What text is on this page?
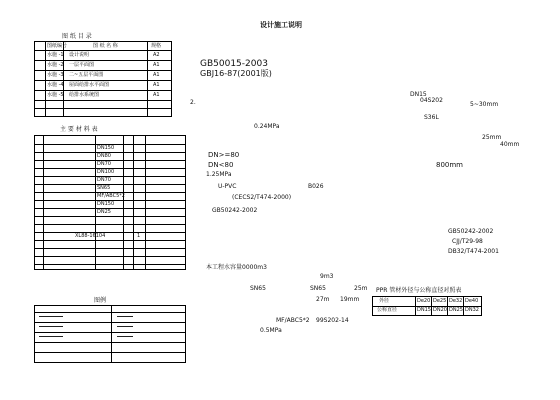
图 纸 目 录
图纸编号	图 纸 名 称	规格
水施 -1 设计说明	A2
水施 -2 一层平面图	A1
水施 -3 二~五层平面图	A1
水施 -4 屋面给排水平面图	A1
水施 -5 给排水系统图	A1
主 要 材 料 表
DN150
DN80
DN70
DN100
DN70
SN65
MF/ABC5*2
DN150
DN25
XL88-16104	1
图例
设计施工说明
GB50015-2003
GBJ16-87(2001版)
2.
0.24MPa
DN>=80
DN<80
1.25MPa
U-PVC	B026
(CECS2/T474-2000)
GB50242-2002
本工程水容量0000m3
SN65	SN65	25m
9m3
27m 19mm
MF/ABC5*2 99S202-14
0.5MPa
DN15
04S202
5~30mm
S36L
25mm
40mm
800mm
GB50242-2002
CJJ/T29-98
DB32/T474-2001
PPR 管材外径与公称直径对照表
外径	De20 De25 De32 De40
公称直径	DN15 DN20 DN25 DN32
